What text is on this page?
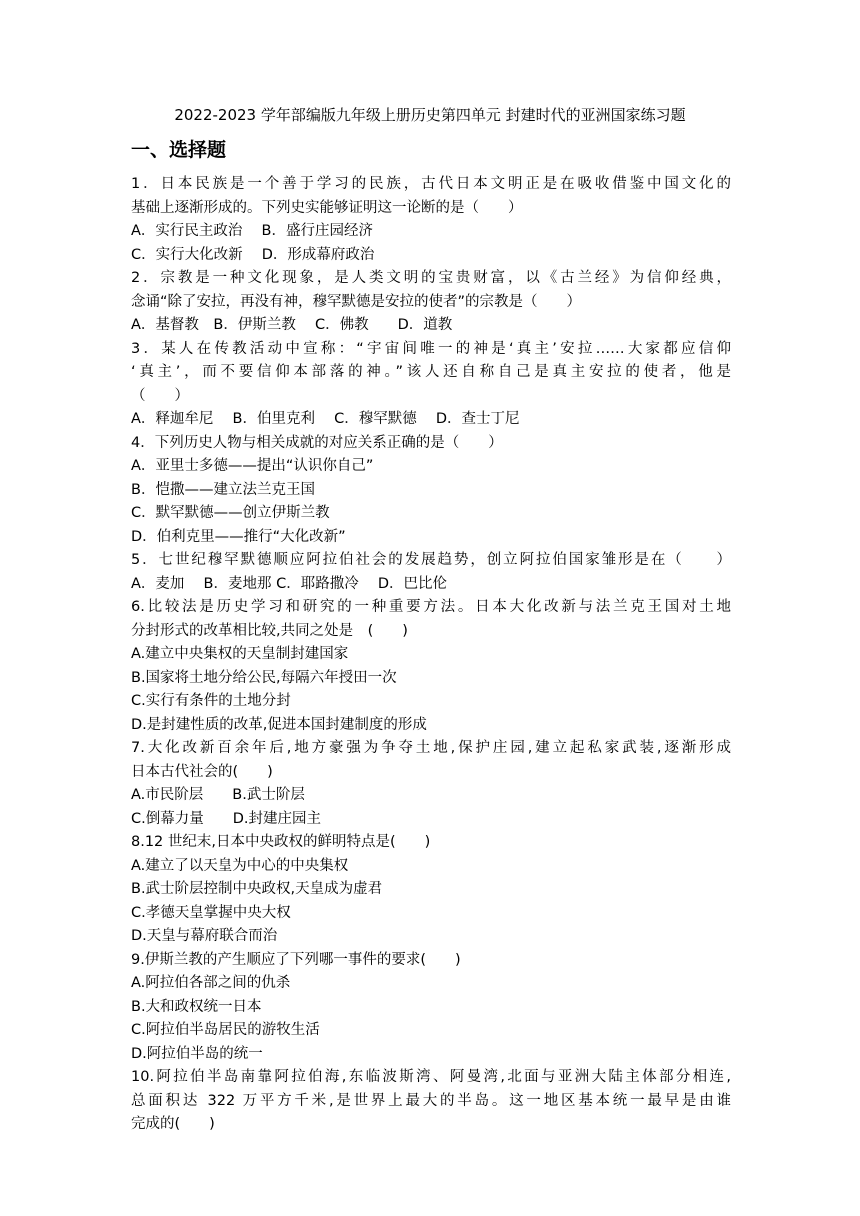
2022-2023 学年部编版九年级上册历史第四单元 封建时代的亚洲国家练习题
一、选择题
1．日本民族是一个善于学习的民族，古代日本文明正是在吸收借鉴中国文化的
基础上逐渐形成的。下列史实能够证明这一论断的是（　　）
A．实行民主政治　 B．盛行庄园经济
C．实行大化改新　 D．形成幕府政治
2．宗教是一种文化现象，是人类文明的宝贵财富，以《古兰经》为信仰经典，
念诵“除了安拉，再没有神，穆罕默德是安拉的使者”的宗教是（　　）
A．基督教　B．伊斯兰教　 C．佛教　　D．道教
3．某人在传教活动中宣称：“宇宙间唯一的神是‘真主’安拉……大家都应信仰
‘真主’，而不要信仰本部落的神。”该人还自称自己是真主安拉的使者，他是
（　　）
A．释迦牟尼　 B．伯里克利　 C．穆罕默德　 D．查士丁尼
4．下列历史人物与相关成就的对应关系正确的是（　　）
A．亚里士多德——提出“认识你自己”
B．恺撒——建立法兰克王国
C．默罕默德——创立伊斯兰教
D．伯利克里——推行“大化改新”
5．七世纪穆罕默德顺应阿拉伯社会的发展趋势，创立阿拉伯国家雏形是在（　　）
A．麦加　 B．麦地那 C．耶路撒冷　 D．巴比伦
6.比较法是历史学习和研究的一种重要方法。日本大化改新与法兰克王国对土地
分封形式的改革相比较,共同之处是　(　　)
A.建立中央集权的天皇制封建国家
B.国家将土地分给公民,每隔六年授田一次
C.实行有条件的土地分封
D.是封建性质的改革,促进本国封建制度的形成
7.大化改新百余年后,地方豪强为争夺土地,保护庄园,建立起私家武装,逐渐形成
日本古代社会的(　　)
A.市民阶层　　B.武士阶层
C.倒幕力量　　D.封建庄园主
8.12 世纪末,日本中央政权的鲜明特点是(　　)
A.建立了以天皇为中心的中央集权
B.武士阶层控制中央政权,天皇成为虚君
C.孝德天皇掌握中央大权
D.天皇与幕府联合而治
9.伊斯兰教的产生顺应了下列哪一事件的要求(　　)
A.阿拉伯各部之间的仇杀
B.大和政权统一日本
C.阿拉伯半岛居民的游牧生活
D.阿拉伯半岛的统一
10.阿拉伯半岛南靠阿拉伯海,东临波斯湾、阿曼湾,北面与亚洲大陆主体部分相连,
总面积达 322 万平方千米,是世界上最大的半岛。这一地区基本统一最早是由谁
完成的(　　)
